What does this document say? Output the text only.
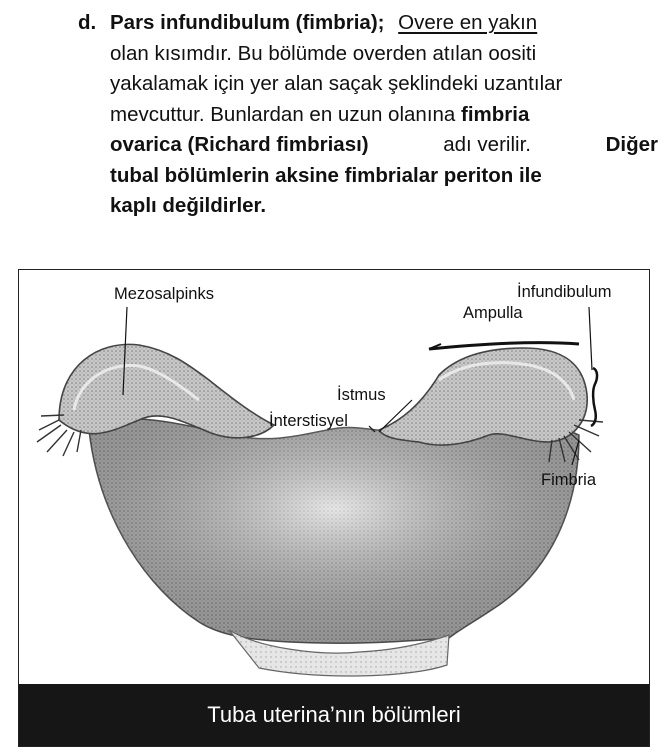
d. Pars infundibulum (fimbria); Overe en yakın
olan kısımdır. Bu bölümde overden atılan oositi
yakalamak için yer alan saçak şeklindeki uzantılar
mevcuttur. Bunlardan en uzun olanına fimbria
ovarica (Richard fimbriası)	adı verilir.	Diğer
tubal bölümlerin aksine fimbrialar periton ile
kaplı değildirler.
Mezosalpinks	İnfundibulum
Ampulla
İstmus
İnterstisyel
Fimbria
Tuba uterina’nın bölümleri
